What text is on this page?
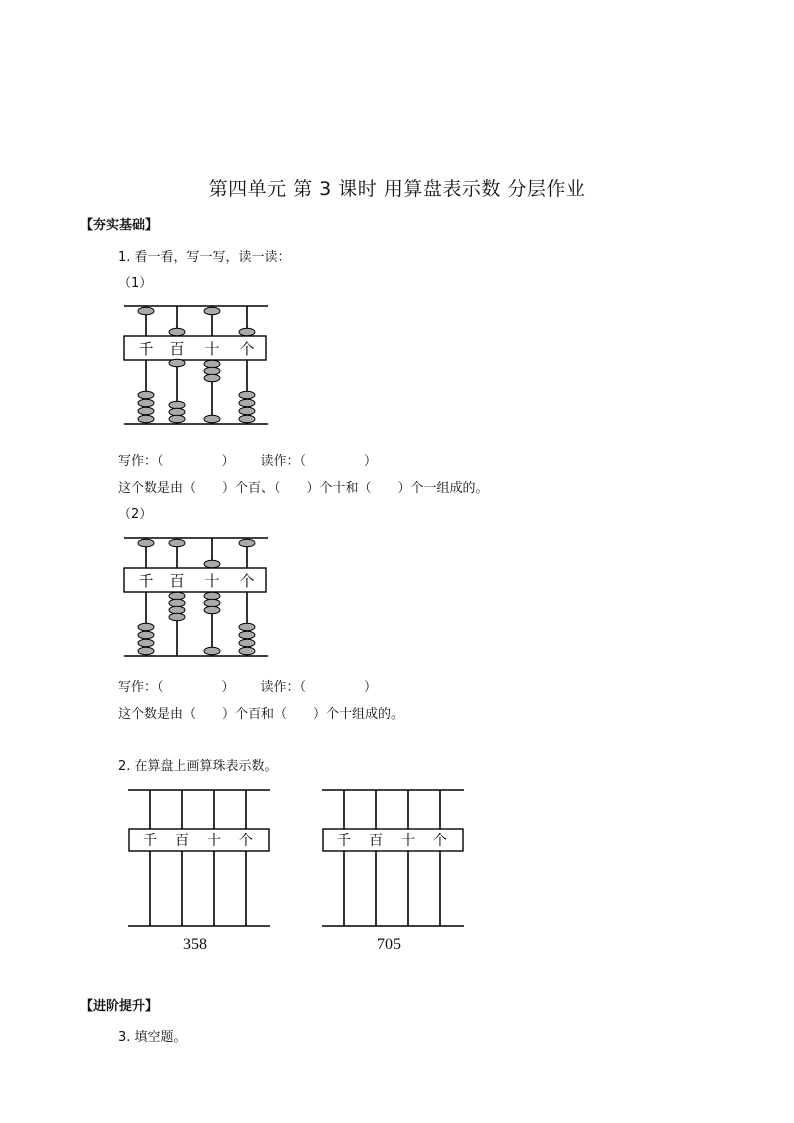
第四单元 第 3 课时 用算盘表示数 分层作业
【夯实基础】
1. 看一看，写一写，读一读：
（1）
千 百 十 个
写作：（	） 读作：（	）
这个数是由（ ）个百、（ ）个十和（ ）个一组成的。
（2）
千 百 十 个
写作：（	） 读作：（	）
这个数是由（ ）个百和（ ）个十组成的。
2. 在算盘上画算珠表示数。
千 百 十 个
358
千 百 十 个
705
【进阶提升】
3. 填空题。
